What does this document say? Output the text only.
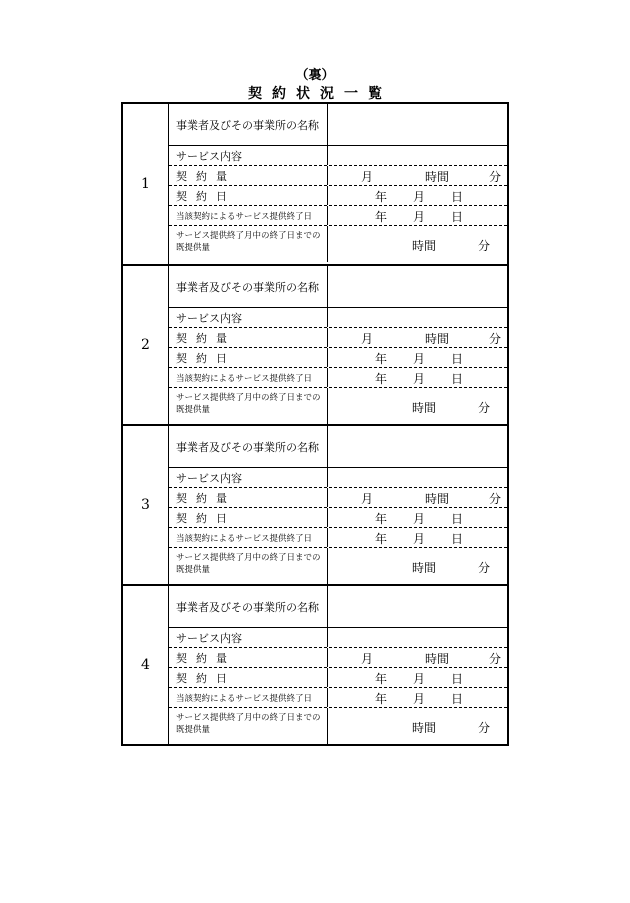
（裏）
契約状況一覧
1
事業者及びその事業所の名称
サービス内容
契約量	月	時間	分
契約日	年 月 日
当該契約によるサービス提供終了日	年 月 日
サービス提供終了月中の終了日までの
既提供量	時間	分
2
事業者及びその事業所の名称
サービス内容
契約量	月	時間	分
契約日	年 月 日
当該契約によるサービス提供終了日	年 月 日
サービス提供終了月中の終了日までの
既提供量	時間	分
3
事業者及びその事業所の名称
サービス内容
契約量	月	時間	分
契約日	年 月 日
当該契約によるサービス提供終了日	年 月 日
サービス提供終了月中の終了日までの
既提供量	時間	分
4
事業者及びその事業所の名称
サービス内容
契約量	月	時間	分
契約日	年 月 日
当該契約によるサービス提供終了日	年 月 日
サービス提供終了月中の終了日までの
既提供量	時間	分
